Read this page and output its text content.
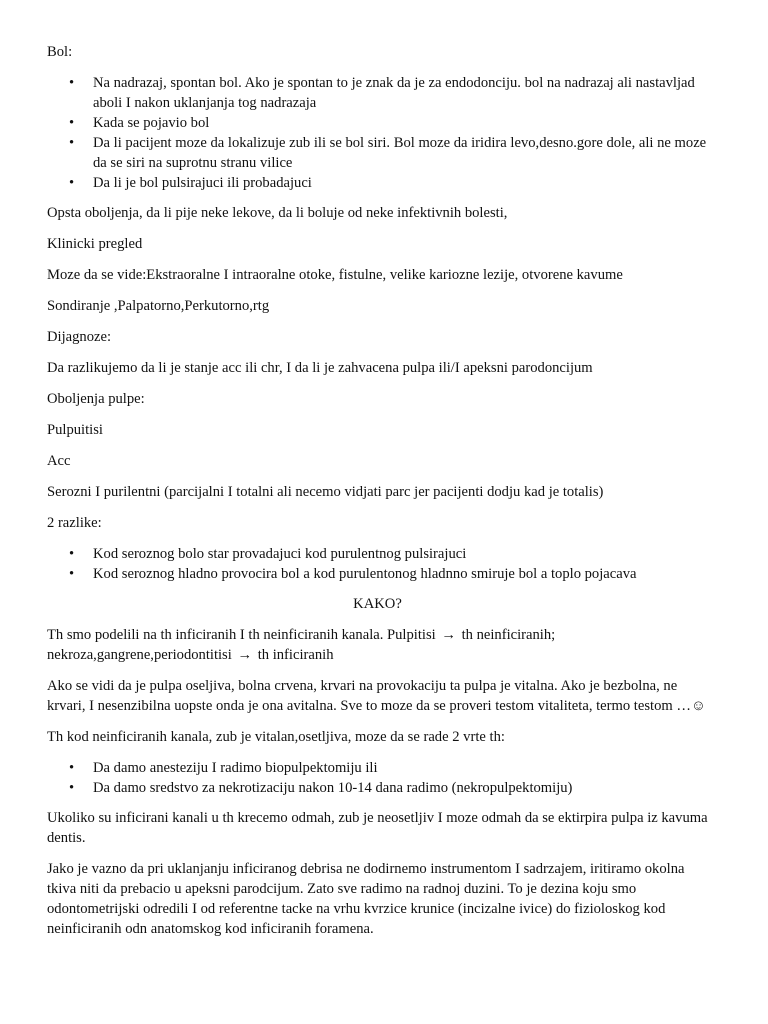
Bol:

• Na nadrazaj, spontan bol. Ako je spontan to je znak da je za endodonciju. bol na nadrazaj ali nastavljad aboli I nakon uklanjanja tog nadrazaja
• Kada se pojavio bol
• Da li pacijent moze da lokalizuje zub ili se bol siri. Bol moze da iridira levo,desno.gore dole, ali ne moze da se siri na suprotnu stranu vilice
• Da li je bol pulsirajuci ili probadajuci

Opsta oboljenja, da li pije neke lekove, da li boluje od neke infektivnih bolesti,

Klinicki pregled

Moze da se vide:Ekstraoralne I intraoralne otoke, fistulne, velike kariozne lezije, otvorene kavume

Sondiranje ,Palpatorno,Perkutorno,rtg

Dijagnoze:

Da razlikujemo da li je stanje acc ili chr, I da li je zahvacena pulpa ili/I apeksni parodoncijum

Oboljenja pulpe:

Pulpuitisi

Acc

Serozni I purilentni (parcijalni I totalni ali necemo vidjati parc jer pacijenti dodju kad je totalis)

2 razlike:

• Kod seroznog bolo star provadajuci kod purulentnog pulsirajuci
• Kod seroznog hladno provocira bol a kod purulentonog hladnno smiruje bol a toplo pojacava

KAKO?

Th smo podelili na th inficiranih I th neinficiranih kanala. Pulpitisi → th neinficiranih;
nekroza,gangrene,periodontitisi → th inficiranih

Ako se vidi da je pulpa oseljiva, bolna crvena, krvari na provokaciju ta pulpa je vitalna. Ako je bezbolna, ne krvari, I nesenzibilna uopste onda je ona avitalna. Sve to moze da se proveri testom vitaliteta, termo testom …☺

Th kod neinficiranih kanala, zub je vitalan,osetljiva, moze da se rade 2 vrte th:

• Da damo anesteziju I radimo biopulpektomiju ili
• Da damo sredstvo za nekrotizaciju nakon 10-14 dana radimo (nekropulpektomiju)

Ukoliko su inficirani kanali u th krecemo odmah, zub je neosetljiv I moze odmah da se ektirpira pulpa iz kavuma dentis.

Jako je vazno da pri uklanjanju inficiranog debrisa ne dodirnemo instrumentom I sadrzajem, iritiramo okolna tkiva niti da prebacio u apeksni parodcijum. Zato sve radimo na radnoj duzini. To je dezina koju smo odontometrijski odredili I od referentne tacke na vrhu kvrzice krunice (incizalne ivice) do fizioloskog kod neinficiranih odn anatomskog kod inficiranih foramena.
